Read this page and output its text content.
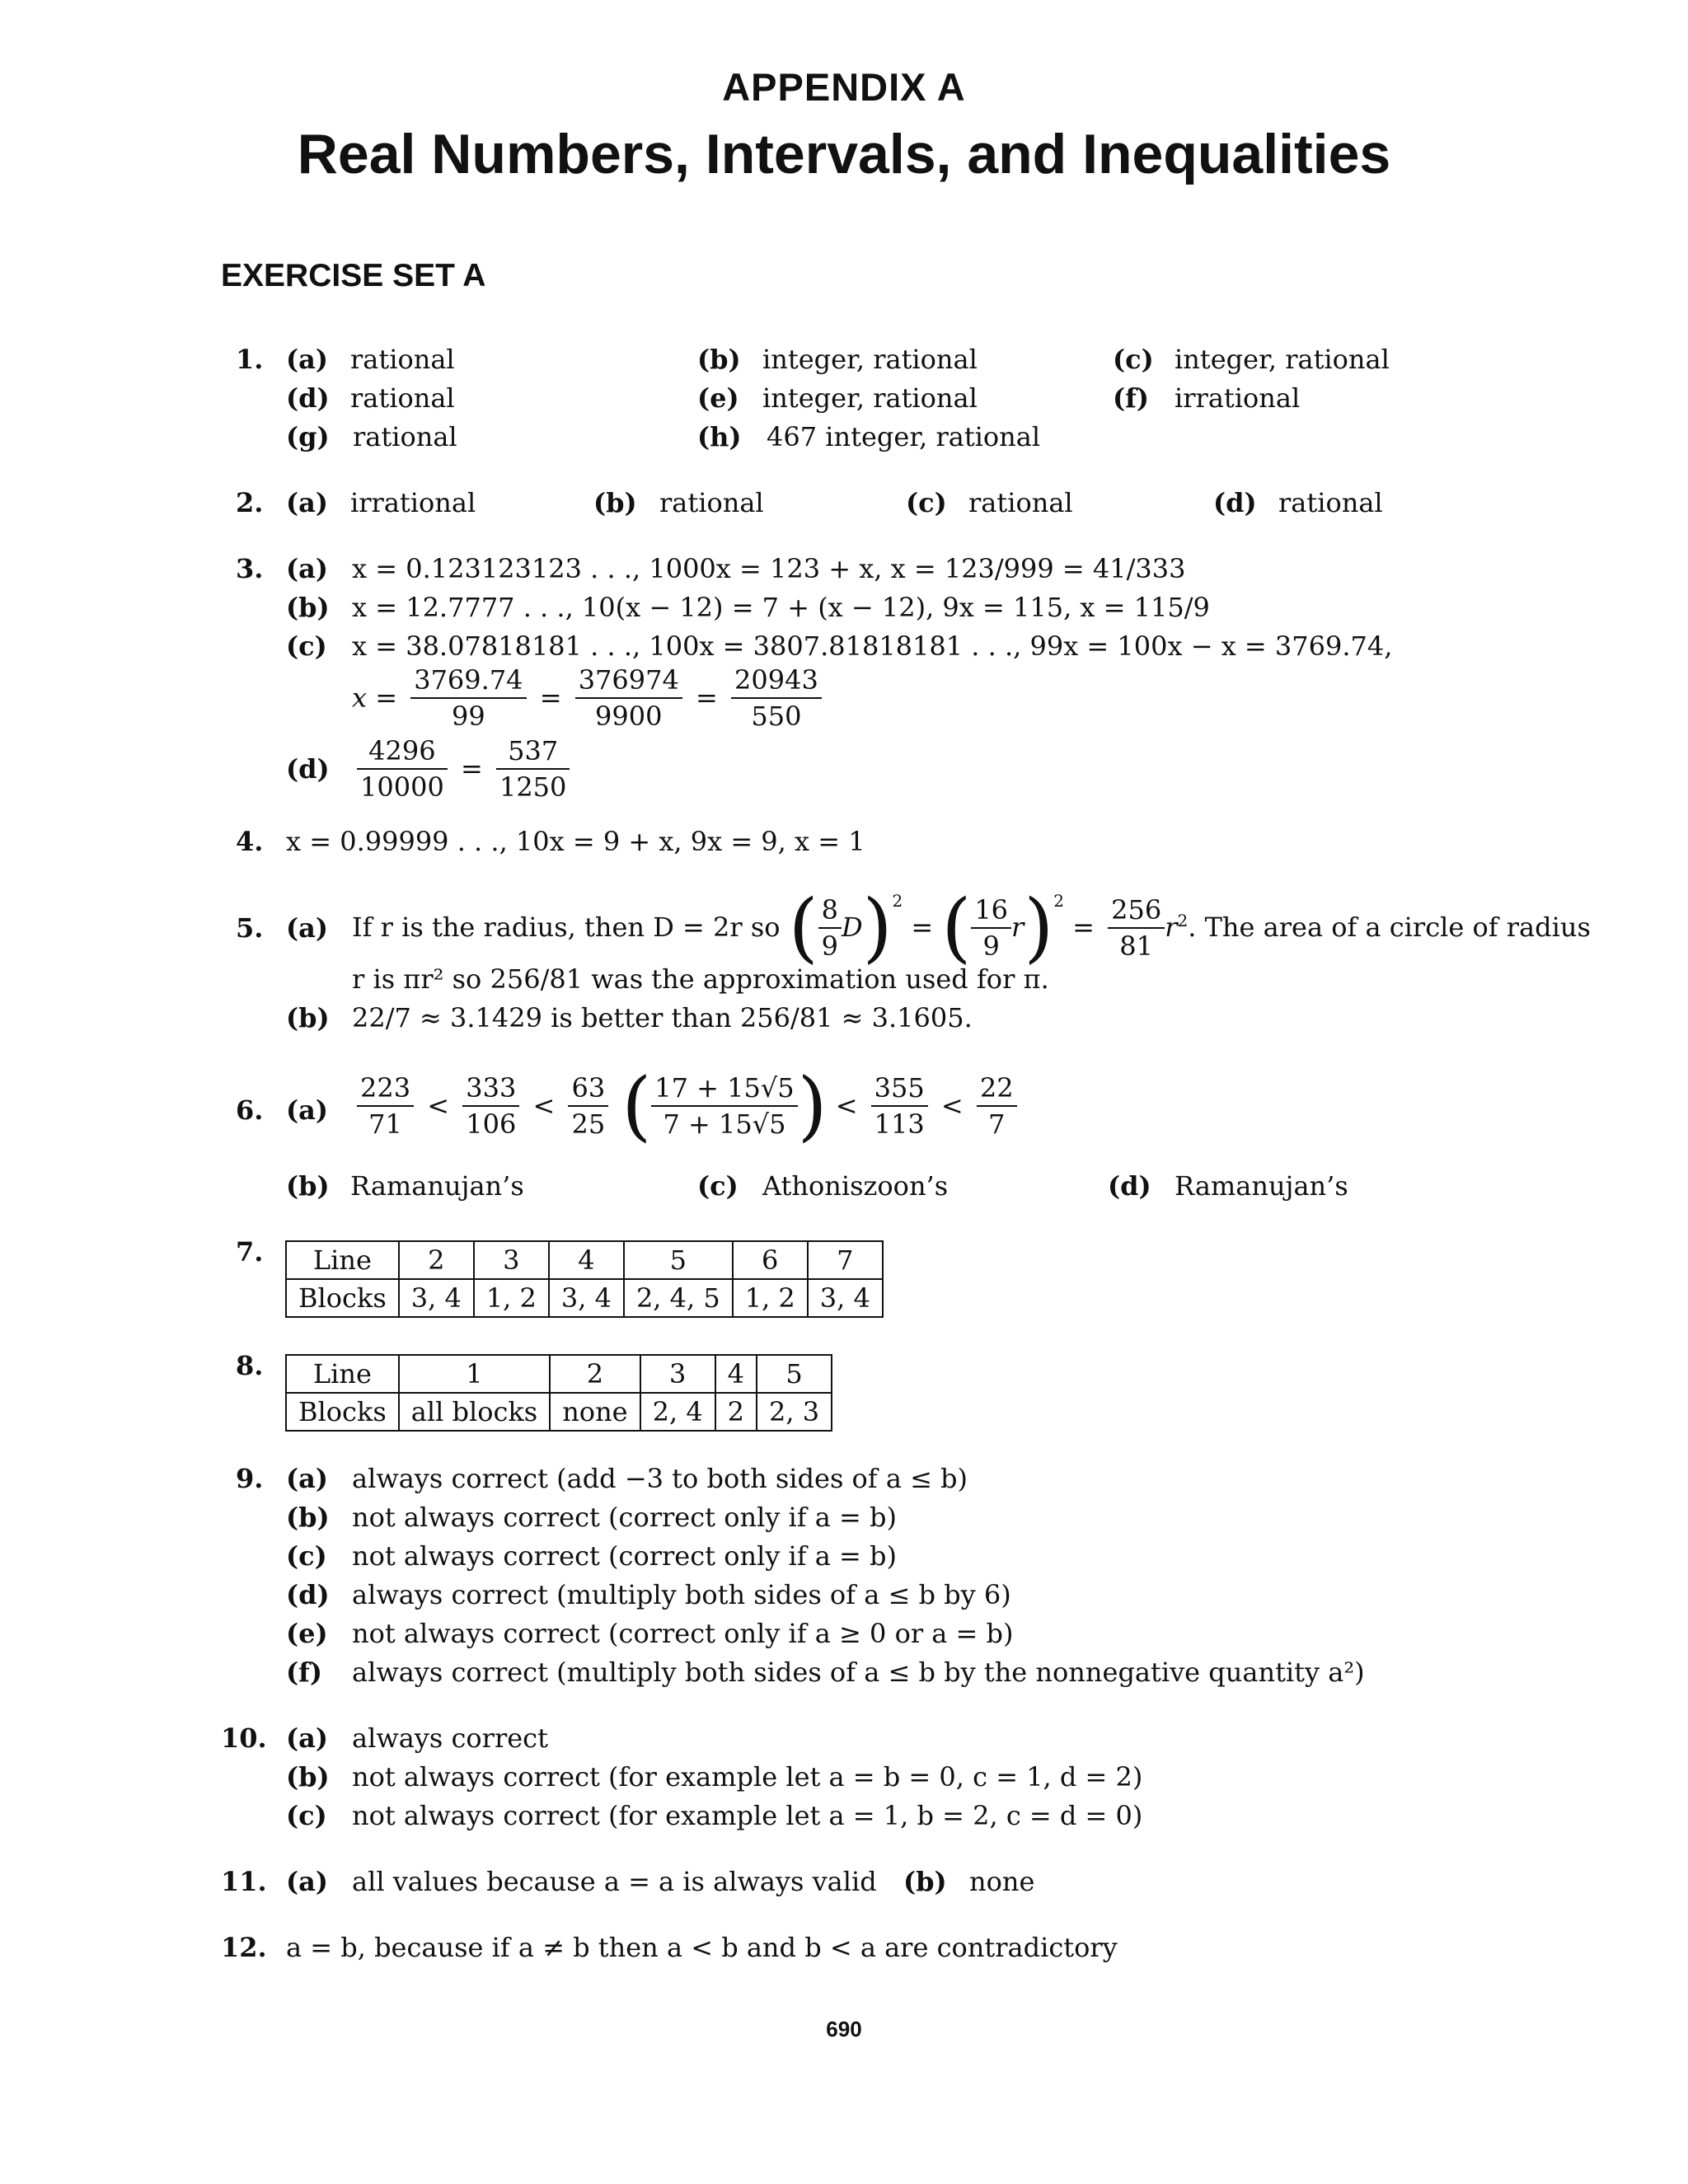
APPENDIX A
Real Numbers, Intervals, and Inequalities
EXERCISE SET A
1. (a) rational	(b) integer, rational	(c) integer, rational
(d) rational	(e) integer, rational	(f) irrational
(g) rational	(h) 467 integer, rational
2. (a) irrational	(b) rational	(c) rational	(d) rational
3. (a) x = 0.123123123 . . ., 1000x = 123 + x, x = 123/999 = 41/333
(b) x = 12.7777 . . ., 10(x − 12) = 7 + (x − 12), 9x = 115, x = 115/9
(c) x = 38.07818181 . . ., 100x = 3807.81818181 . . ., 99x = 100x − x = 3769.74,
$x = \frac{3769.74}{99} = \frac{376974}{9900} = \frac{20943}{550}$
$(d) \frac{4296}{10000} = \frac{537}{1250}$
4. x = 0.99999 . . ., 10x = 9 + x, 9x = 9, x = 1
5. (a) If r is the radius, then D = 2r so ( $\frac{8}{9} D)^2$ = ( $\frac{16}{9} r)^2 = \frac{256}{81} r^2$. The area of a circle of radius
r is πr² so 256/81 was the approximation used for π.
(b) 22/7 ≈ 3.1429 is better than 256/81 ≈ 3.1605.
6. $(a) \frac{223}{71} < \frac{333}{106} < \frac{63}{25}$ ( $\frac{17 + 15√5}{7 + 15√5}$ ) < $\frac{355}{113} < \frac{22}{7}$
(b) Ramanujan’s	(c) Athoniszoon’s	(d) Ramanujan’s
7. Line	2	3	4	5	6	7
Blocks	3, 4	1, 2	3, 4	2, 4, 5	1, 2	3, 4
8. Line	1	2	3	4	5
Blocks	all blocks	none	2, 4	2	2, 3
9. (a) always correct (add −3 to both sides of a ≤ b)
(b) not always correct (correct only if a = b)
(c) not always correct (correct only if a = b)
(d) always correct (multiply both sides of a ≤ b by 6)
(e) not always correct (correct only if a ≥ 0 or a = b)
(f) always correct (multiply both sides of a ≤ b by the nonnegative quantity a²)
10. (a) always correct
(b) not always correct (for example let a = b = 0, c = 1, d = 2)
(c) not always correct (for example let a = 1, b = 2, c = d = 0)
11. (a) all values because a = a is always valid (b) none
12. a = b, because if a ≠ b then a < b and b < a are contradictory
690
